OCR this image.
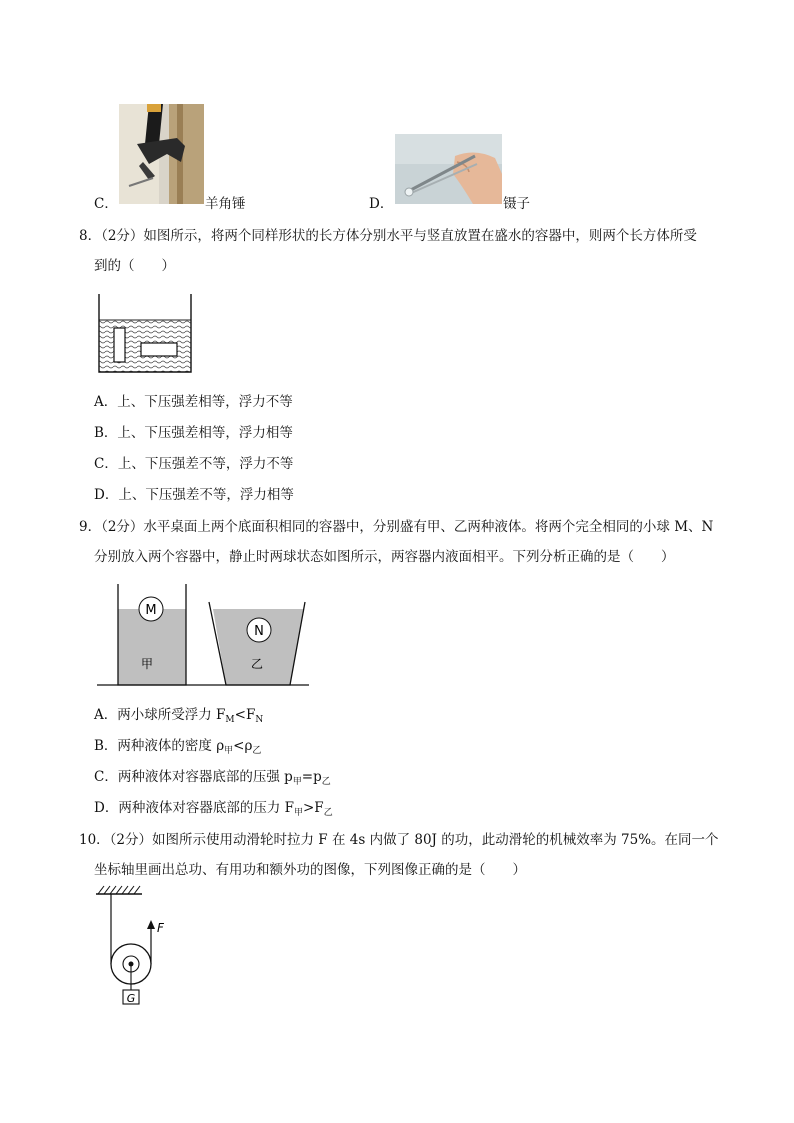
C．	羊角锤	D．	镊子
8．（2分）如图所示，将两个同样形状的长方体分别水平与竖直放置在盛水的容器中，则两个长方体所受
到的（　　）
A．上、下压强差相等，浮力不等
B．上、下压强差相等，浮力相等
C．上、下压强差不等，浮力不等
D．上、下压强差不等，浮力相等
9．（2分）水平桌面上两个底面积相同的容器中，分别盛有甲、乙两种液体。将两个完全相同的小球 M、N
分别放入两个容器中，静止时两球状态如图所示，两容器内液面相平。下列分析正确的是（　　）
M
N
甲	乙
A．两小球所受浮力 $F_M<F_N$
B．两种液体的密度 $\rho_甲<\rho_乙$
C．两种液体对容器底部的压强 $p_甲=p_乙$
D．两种液体对容器底部的压力 $F_甲>F_乙$
10．（2分）如图所示使用动滑轮时拉力 F 在 4s 内做了 80J 的功，此动滑轮的机械效率为 75%。在同一个
坐标轴里画出总功、有用功和额外功的图像，下列图像正确的是（　　）
F
G
